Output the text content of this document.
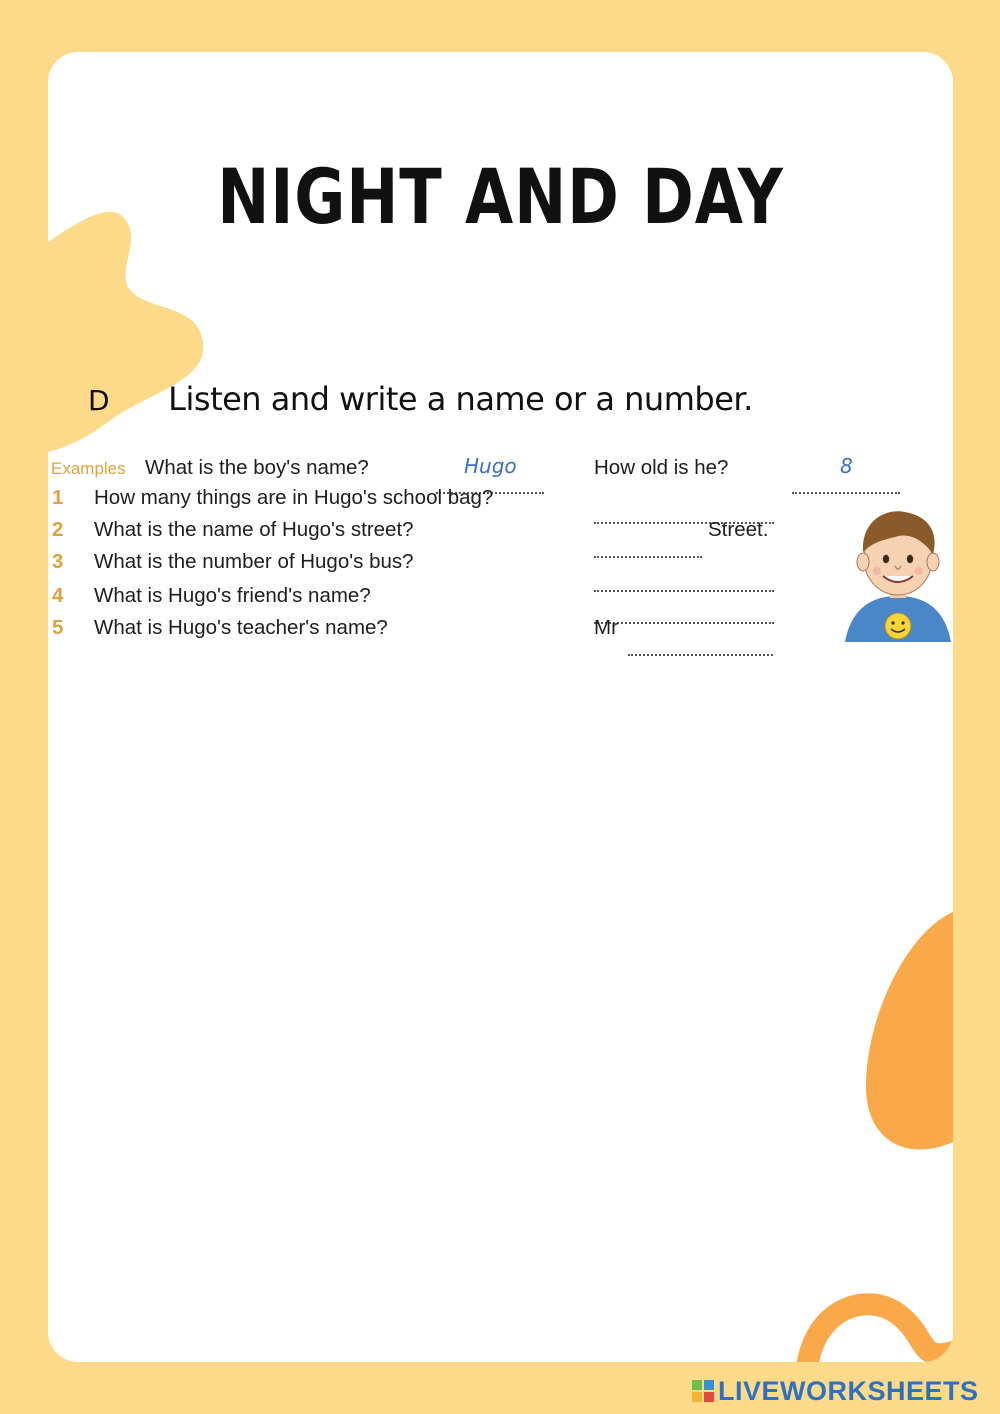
NIGHT AND DAY
D Listen and write a name or a number.
Examples What is the boy's name?	Hugo	How old is he?	8
1 How many things are in Hugo's school bag?
2 What is the name of Hugo's street?	Street.
3 What is the number of Hugo's bus?
4 What is Hugo's friend's name?
5 What is Hugo's teacher's name?	Mr
LIVEWORKSHEETS
